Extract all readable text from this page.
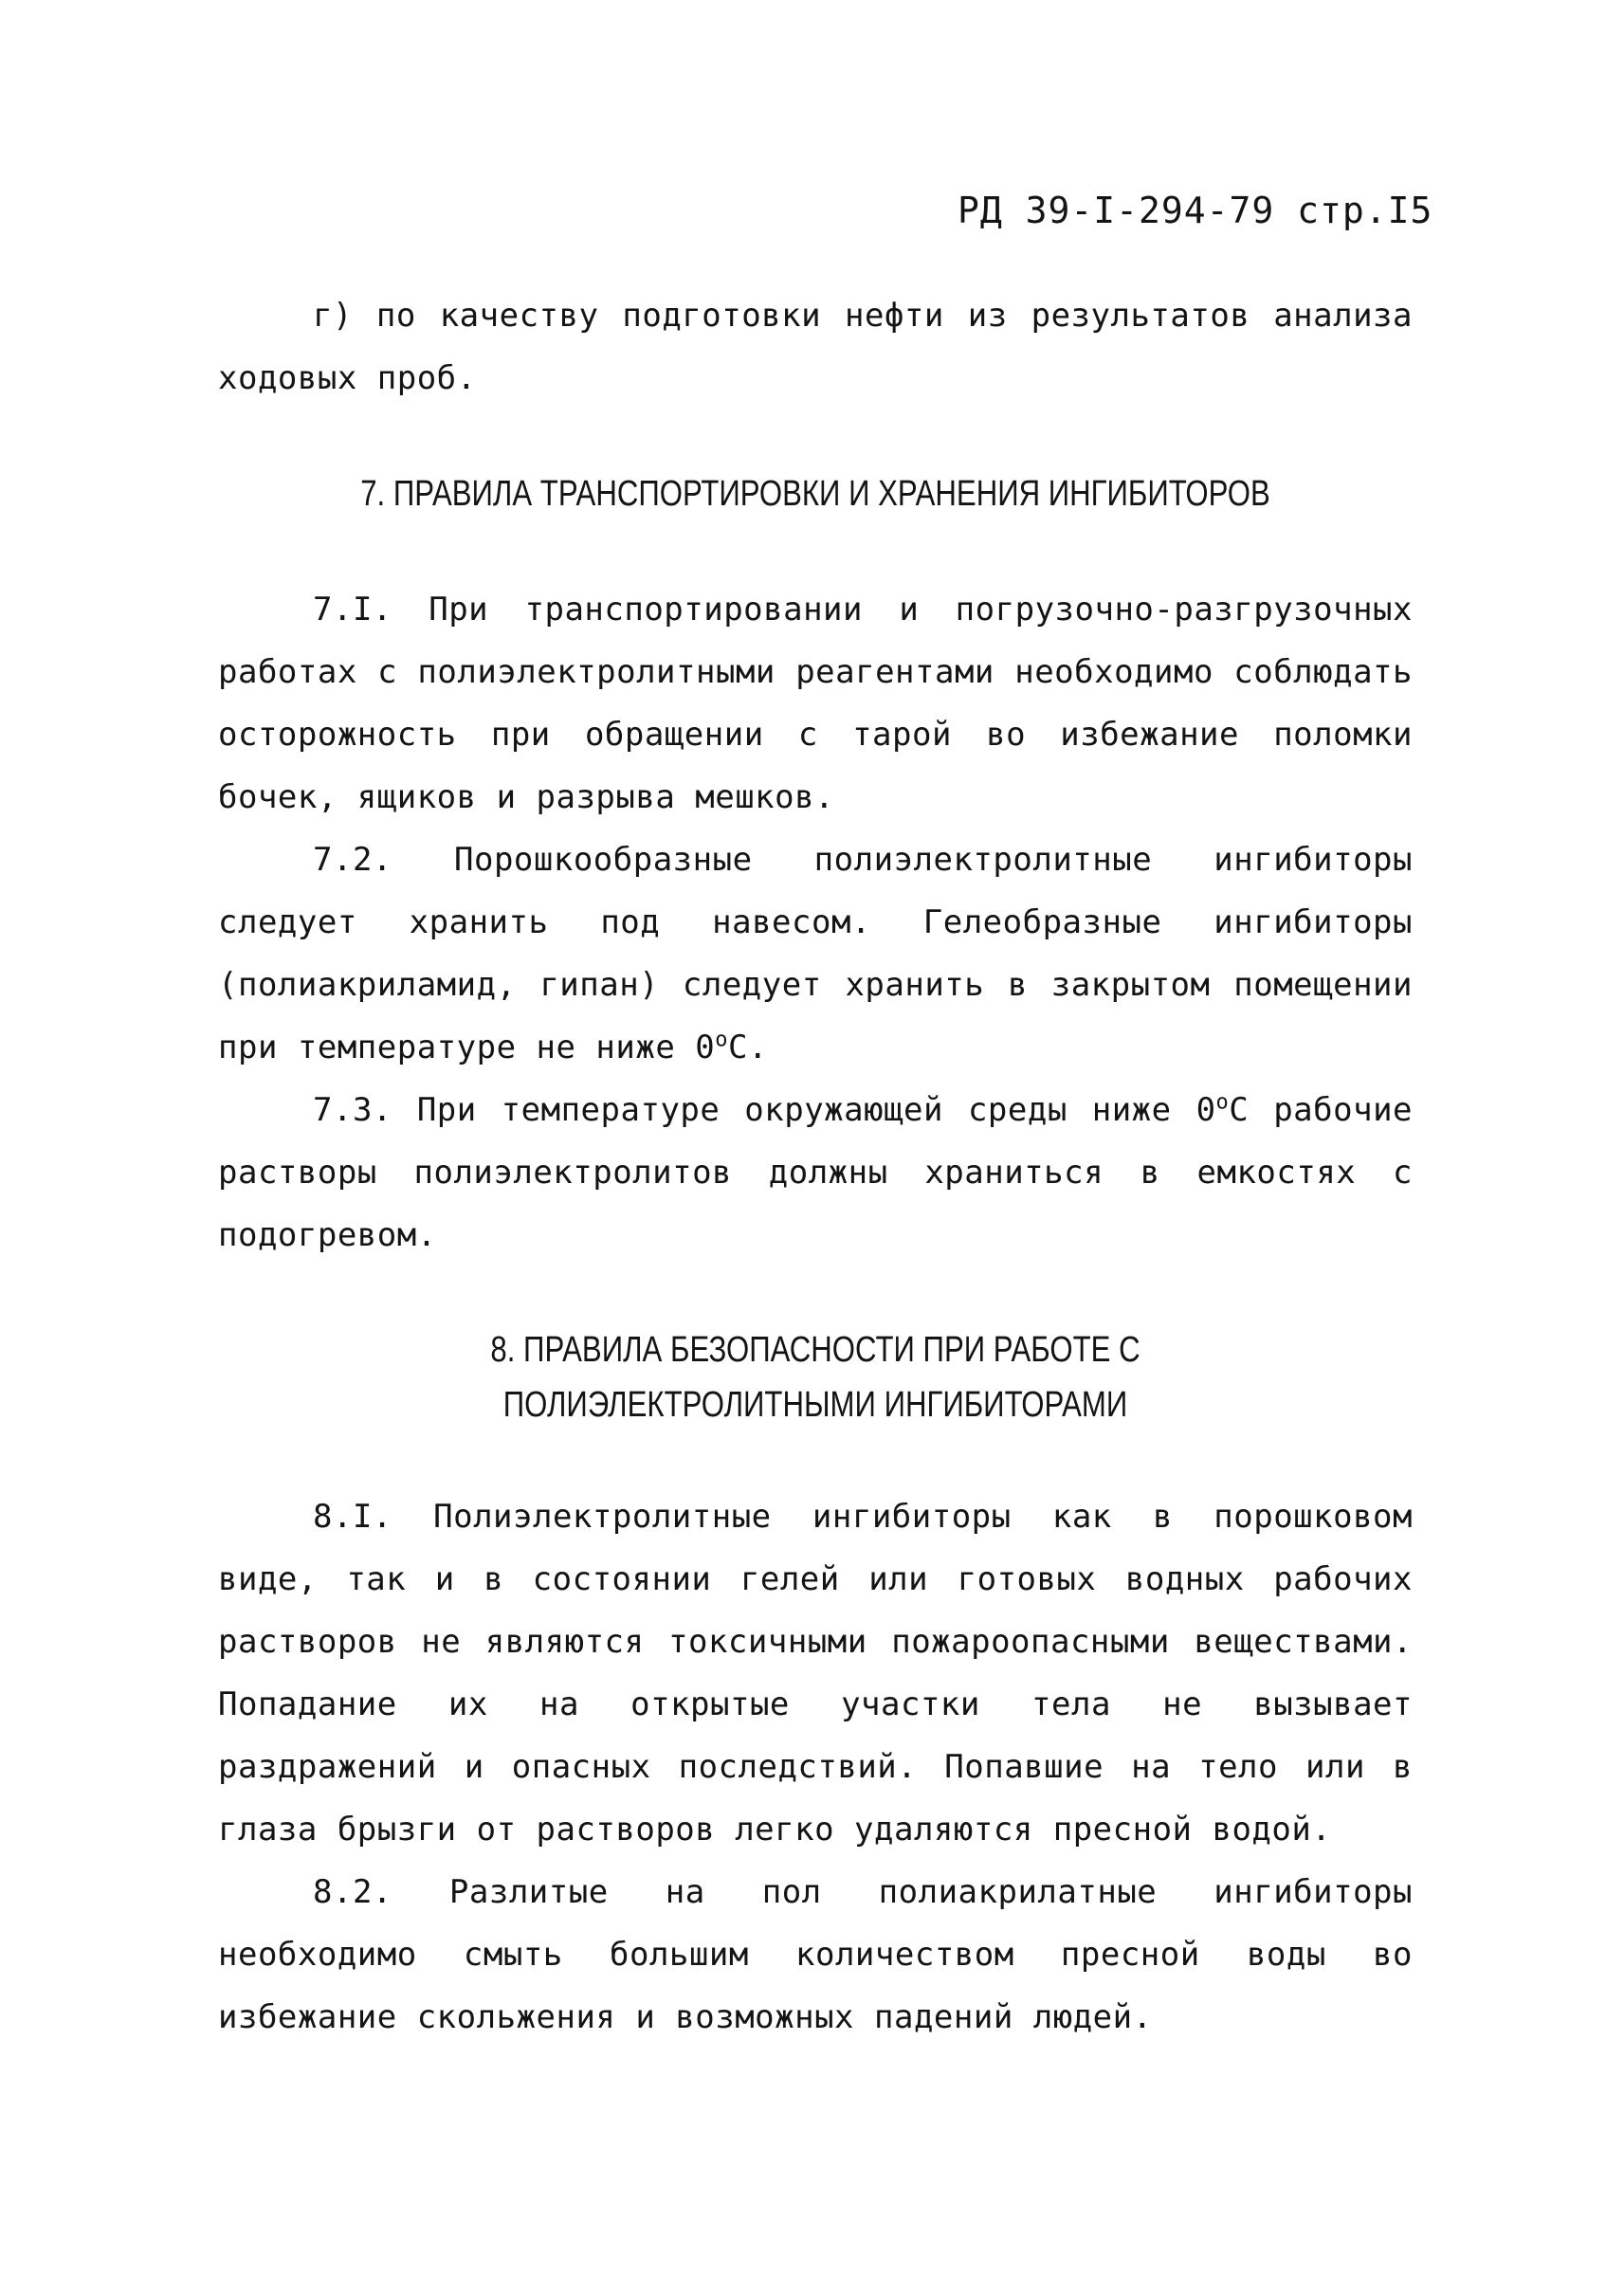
РД 39-I-294-79 стр.I5
г) по качеству подготовки нефти из результатов анализа ходовых проб.
7. ПРАВИЛА ТРАНСПОРТИРОВКИ И ХРАНЕНИЯ ИНГИБИТОРОВ
7.I. При транспортировании и погрузочно-разгрузочных работах с полиэлектролитными реагентами необходимо соблюдать осторожность при обращении с тарой во избежание поломки бочек, ящиков и разрыва мешков.
7.2. Порошкообразные полиэлектролитные ингибиторы следует хранить под навесом. Гелеобразные ингибиторы (полиакриламид, гипан) следует хранить в закрытом помещении при температуре не ниже 0$^o$C.
7.3. При температуре окружающей среды ниже 0$^o$C рабочие растворы полиэлектролитов должны храниться в емкостях с подогревом.
8. ПРАВИЛА БЕЗОПАСНОСТИ ПРИ РАБОТЕ С
ПОЛИЭЛЕКТРОЛИТНЫМИ ИНГИБИТОРАМИ
8.I. Полиэлектролитные ингибиторы как в порошковом виде, так и в состоянии гелей или готовых водных рабочих растворов не являются токсичными пожароопасными веществами. Попадание их на открытые участки тела не вызывает раздражений и опасных последствий. Попавшие на тело или в глаза брызги от растворов легко удаляются пресной водой.
8.2. Разлитые на пол полиакрилатные ингибиторы необходимо смыть большим количеством пресной воды во избежание скольжения и возможных падений людей.
